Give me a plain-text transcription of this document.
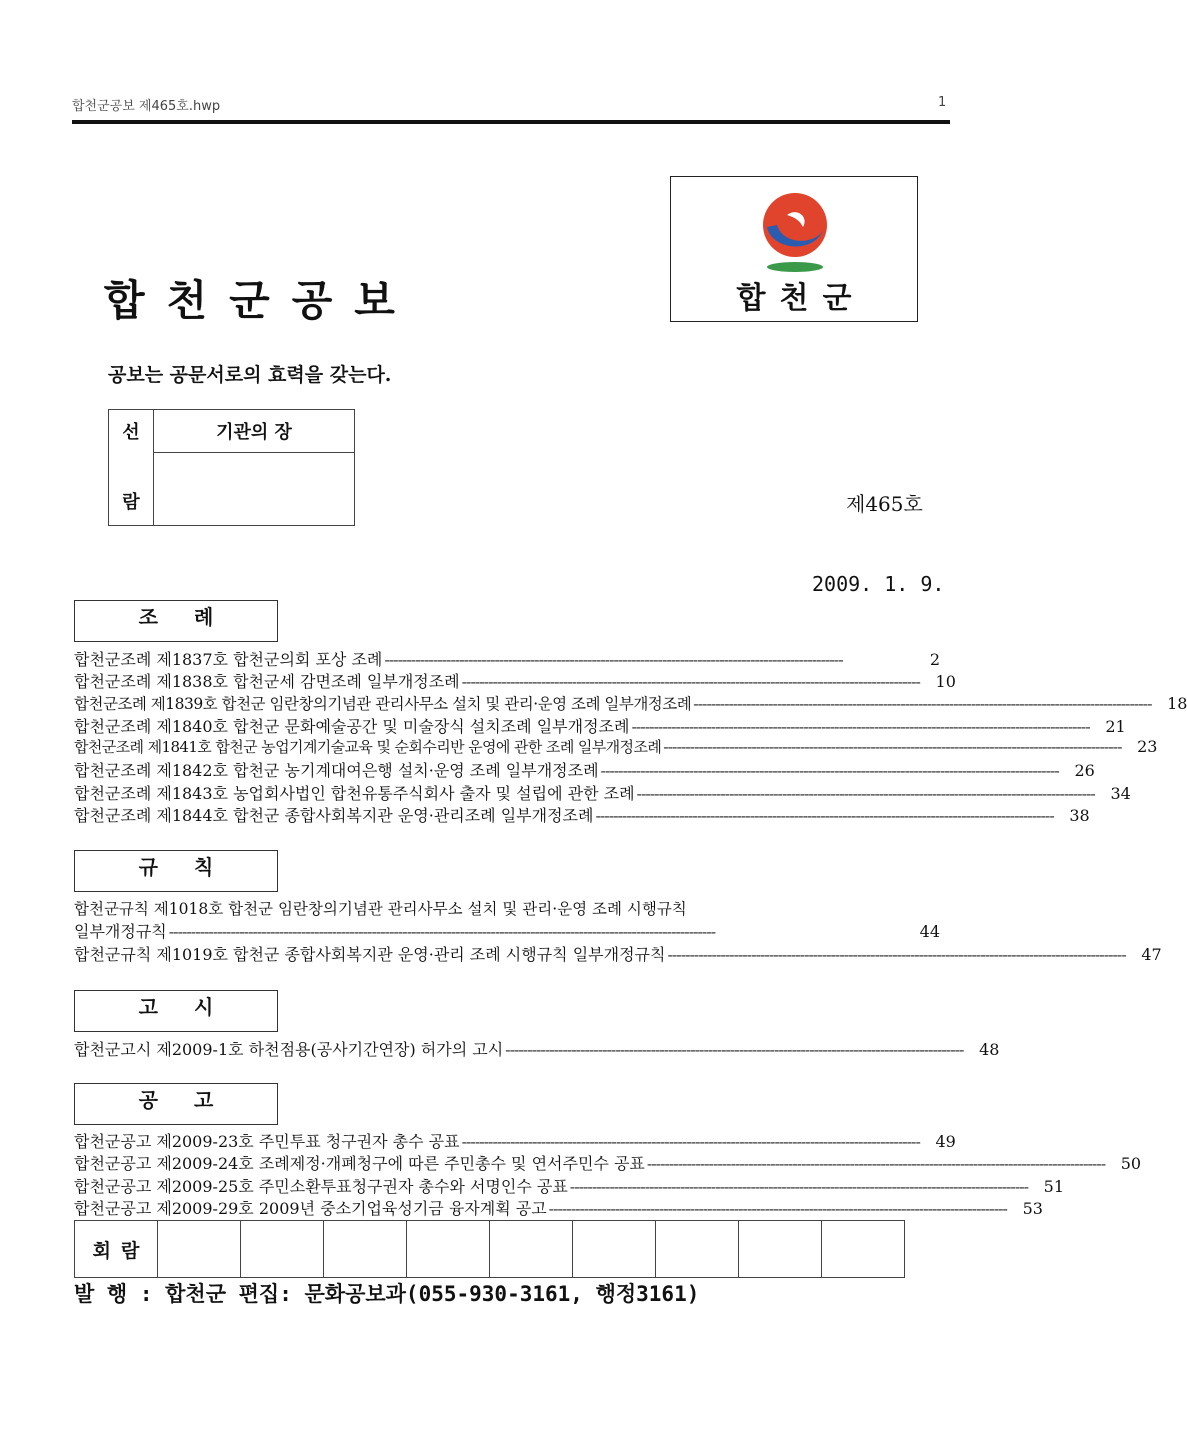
합천군공보 제465호.hwp	1
합천군공보
공보는 공문서로의 효력을 갖는다.
합천군
선
람
	기관의 장

제465호
2009. 1. 9.
조례
합천군조례 제1837호 합천군의회 포상 조례 --------------------------------------------------------------------------------------------------------	2
합천군조례 제1838호 합천군세 감면조례 일부개정조례 -------------------------------------------------------------------------------------------------------- 10
합천군조례 제1839호 합천군 임란창의기념관 관리사무소 설치 및 관리·운영 조례 일부개정조례 -------------------------------------------------------------------------------------------------------- 18
합천군조례 제1840호 합천군 문화예술공간 및 미술장식 설치조례 일부개정조례 -------------------------------------------------------------------------------------------------------- 21
합천군조례 제1841호 합천군 농업기계기술교육 및 순회수리반 운영에 관한 조례 일부개정조례 -------------------------------------------------------------------------------------------------------- 23
합천군조례 제1842호 합천군 농기계대여은행 설치·운영 조례 일부개정조례 -------------------------------------------------------------------------------------------------------- 26
합천군조례 제1843호 농업회사법인 합천유통주식회사 출자 및 설립에 관한 조례 -------------------------------------------------------------------------------------------------------- 34
합천군조례 제1844호 합천군 종합사회복지관 운영·관리조례 일부개정조례 -------------------------------------------------------------------------------------------------------- 38
규칙
합천군규칙 제1018호 합천군 임란창의기념관 관리사무소 설치 및 관리·운영 조례 시행규칙
일부개정규칙 ----------------------------------------------------------------------------------------------------------------------------	44
합천군규칙 제1019호 합천군 종합사회복지관 운영·관리 조례 시행규칙 일부개정규칙 -------------------------------------------------------------------------------------------------------- 47
고시
합천군고시 제2009-1호 하천점용(공사기간연장) 허가의 고시 -------------------------------------------------------------------------------------------------------- 48
공고
합천군공고 제2009-23호 주민투표 청구권자 총수 공표 -------------------------------------------------------------------------------------------------------- 49
합천군공고 제2009-24호 조례제정·개폐청구에 따른 주민총수 및 연서주민수 공표 -------------------------------------------------------------------------------------------------------- 50
합천군공고 제2009-25호 주민소환투표청구권자 총수와 서명인수 공표 -------------------------------------------------------------------------------------------------------- 51
합천군공고 제2009-29호 2009년 중소기업육성기금 융자계획 공고 -------------------------------------------------------------------------------------------------------- 53
회람									
발 행 : 합천군 편집: 문화공보과(055-930-3161, 행정3161)
